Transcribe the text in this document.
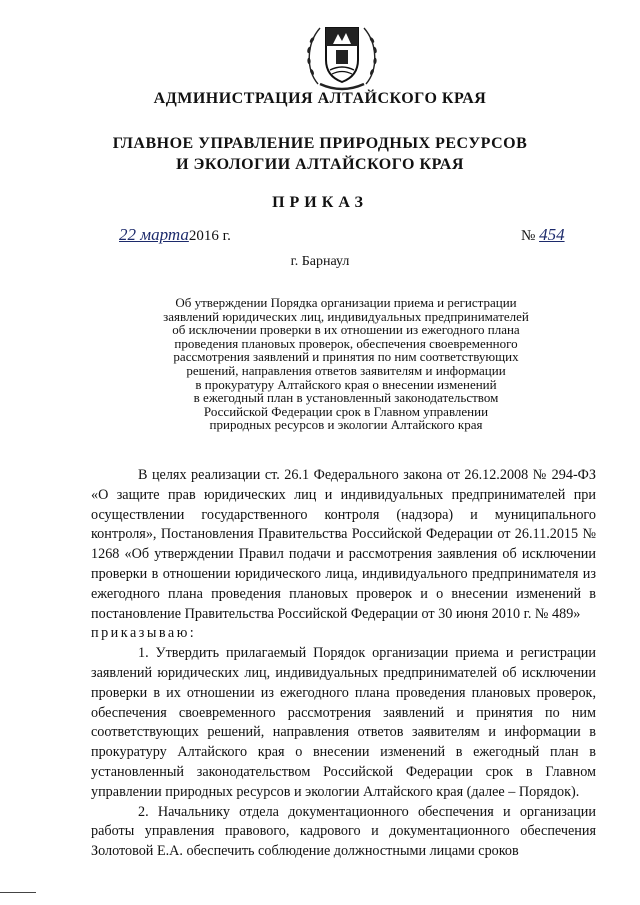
АДМИНИСТРАЦИЯ АЛТАЙСКОГО КРАЯ
ГЛАВНОЕ УПРАВЛЕНИЕ ПРИРОДНЫХ РЕСУРСОВ
И ЭКОЛОГИИ АЛТАЙСКОГО КРАЯ
ПРИКАЗ
22 марта2016 г.	№ 454
г. Барнаул
Об утверждении Порядка организации приема и регистрации
заявлений юридических лиц, индивидуальных предпринимателей
об исключении проверки в их отношении из ежегодного плана
проведения плановых проверок, обеспечения своевременного
рассмотрения заявлений и принятия по ним соответствующих
решений, направления ответов заявителям и информации
в прокуратуру Алтайского края о внесении изменений
в ежегодный план в установленный законодательством
Российской Федерации срок в Главном управлении
природных ресурсов и экологии Алтайского края

В целях реализации ст. 26.1 Федерального закона от 26.12.2008 № 294-ФЗ «О защите прав юридических лиц и индивидуальных предпринимателей при осуществлении государственного контроля (надзора) и муниципального контроля», Постановления Правительства Российской Федерации от 26.11.2015 № 1268 «Об утверждении Правил подачи и рассмотрения заявления об исключении проверки в отношении юридического лица, индивидуального предпринимателя из ежегодного плана проведения плановых проверок и о внесении изменений в постановление Правительства Российской Федерации от 30 июня 2010 г. № 489»
приказываю:

1. Утвердить прилагаемый Порядок организации приема и регистрации заявлений юридических лиц, индивидуальных предпринимателей об исключении проверки в их отношении из ежегодного плана проведения плановых проверок, обеспечения своевременного рассмотрения заявлений и принятия по ним соответствующих решений, направления ответов заявителям и информации в прокуратуру Алтайского края о внесении изменений в ежегодный план в установленный законодательством Российской Федерации срок в Главном управлении природных ресурсов и экологии Алтайского края (далее – Порядок).

2. Начальнику отдела документационного обеспечения и организации работы управления правового, кадрового и документационного обеспечения Золотовой Е.А. обеспечить соблюдение должностными лицами сроков
